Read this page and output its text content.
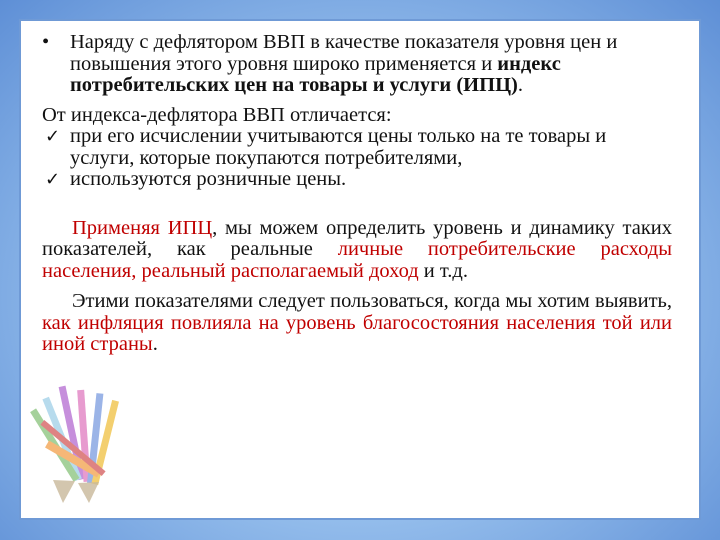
• Наряду с дефлятором ВВП в качестве показателя уровня цен и повышения этого уровня широко применяется и индекс потребительских цен на товары и услуги (ИПЦ).
От индекса-дефлятора ВВП отличается:
✓ при его исчислении учитываются цены только на те товары и услуги, которые покупаются потребителями,
✓ используются розничные цены.
Применяя ИПЦ, мы можем определить уровень и динамику таких показателей, как реальные личные потребительские расходы населения, реальный располагаемый доход и т.д.
Этими показателями следует пользоваться, когда мы хотим выявить, как инфляция повлияла на уровень благосостояния населения той или иной страны.
